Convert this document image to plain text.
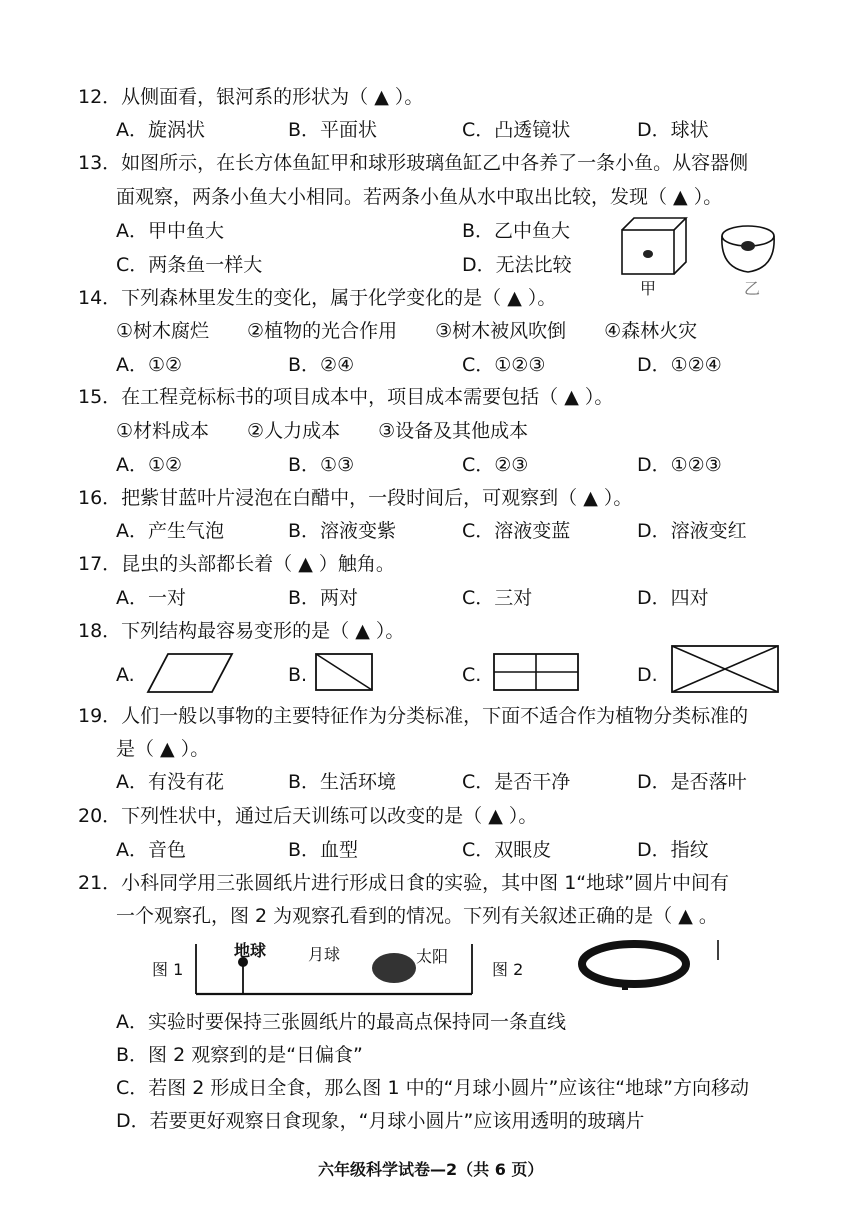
12．从侧面看，银河系的形状为（ ▲ ）。
A．旋涡状	B．平面状	C．凸透镜状	D．球状
13．如图所示，在长方体鱼缸甲和球形玻璃鱼缸乙中各养了一条小鱼。从容器侧
面观察，两条小鱼大小相同。若两条小鱼从水中取出比较，发现（ ▲ ）。
A．甲中鱼大	B．乙中鱼大
C．两条鱼一样大	D．无法比较
甲	乙
14．下列森林里发生的变化，属于化学变化的是（ ▲ ）。
①树木腐烂　　②植物的光合作用　　③树木被风吹倒　　④森林火灾
A．①②	B．②④	C．①②③	D．①②④
15．在工程竞标标书的项目成本中，项目成本需要包括（ ▲ ）。
①材料成本　　②人力成本　　③设备及其他成本
A．①②	B．①③	C．②③	D．①②③
16．把紫甘蓝叶片浸泡在白醋中，一段时间后，可观察到（ ▲ ）。
A．产生气泡	B．溶液变紫	C．溶液变蓝	D．溶液变红
17．昆虫的头部都长着（ ▲ ）触角。
A．一对	B．两对	C．三对	D．四对
18．下列结构最容易变形的是（ ▲ ）。
A.	B.	C.	D.
19．人们一般以事物的主要特征作为分类标准，下面不适合作为植物分类标准的
是（ ▲ ）。
A．有没有花	B．生活环境	C．是否干净	D．是否落叶
20．下列性状中，通过后天训练可以改变的是（ ▲ ）。
A．音色	B．血型	C．双眼皮	D．指纹
21．小科同学用三张圆纸片进行形成日食的实验，其中图 1“地球”圆片中间有
一个观察孔，图 2 为观察孔看到的情况。下列有关叙述正确的是（ ▲ 。
图 1
地球	月球	太阳
图 2
A．实验时要保持三张圆纸片的最高点保持同一条直线
B．图 2 观察到的是“日偏食”
C．若图 2 形成日全食，那么图 1 中的“月球小圆片”应该往“地球”方向移动
D．若要更好观察日食现象，“月球小圆片”应该用透明的玻璃片
六年级科学试卷—2（共 6 页）
